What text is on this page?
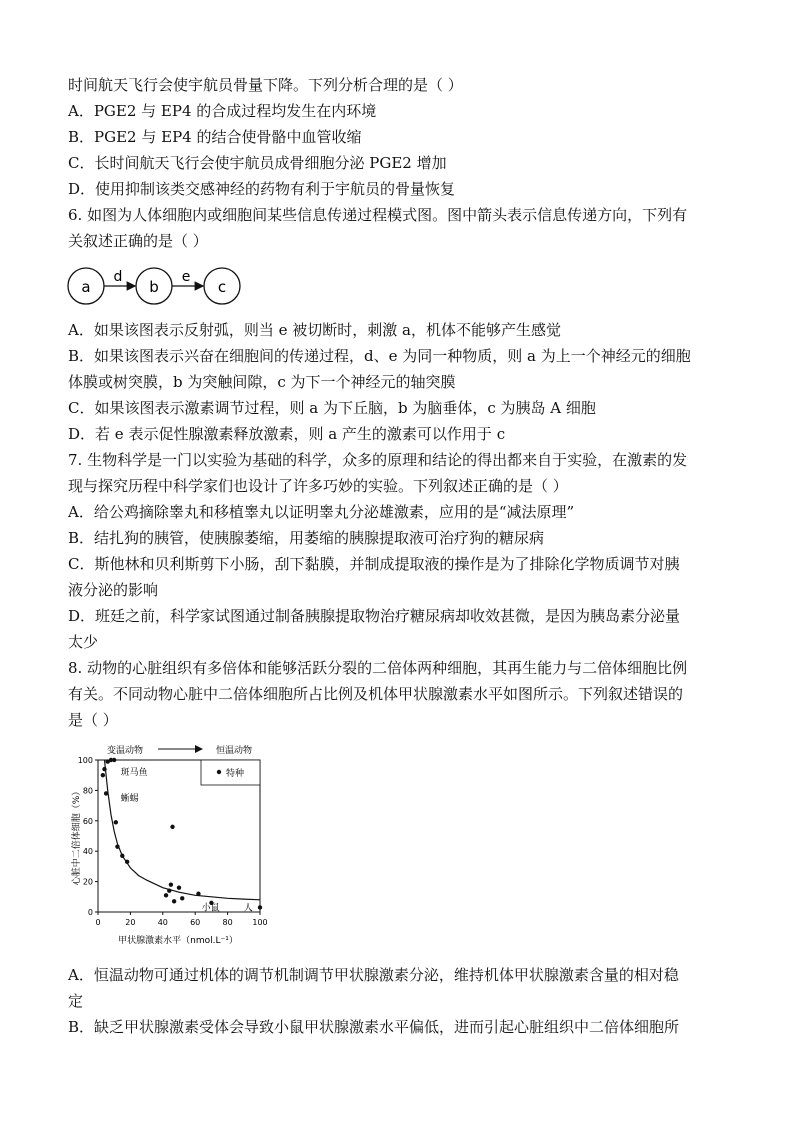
时间航天飞行会使宇航员骨量下降。下列分析合理的是（ ）
A．PGE2 与 EP4 的合成过程均发生在内环境
B．PGE2 与 EP4 的结合使骨骼中血管收缩
C．长时间航天飞行会使宇航员成骨细胞分泌 PGE2 增加
D．使用抑制该类交感神经的药物有利于宇航员的骨量恢复
6. 如图为人体细胞内或细胞间某些信息传递过程模式图。图中箭头表示信息传递方向，下列有
关叙述正确的是（ ）
A．如果该图表示反射弧，则当 e 被切断时，刺激 a，机体不能够产生感觉
B．如果该图表示兴奋在细胞间的传递过程，d、e 为同一种物质，则 a 为上一个神经元的细胞
体膜或树突膜，b 为突触间隙，c 为下一个神经元的轴突膜
C．如果该图表示激素调节过程，则 a 为下丘脑，b 为脑垂体，c 为胰岛 A 细胞
D．若 e 表示促性腺激素释放激素，则 a 产生的激素可以作用于 c
7. 生物科学是一门以实验为基础的科学，众多的原理和结论的得出都来自于实验，在激素的发
现与探究历程中科学家们也设计了许多巧妙的实验。下列叙述正确的是（ ）
A．给公鸡摘除睾丸和移植睾丸以证明睾丸分泌雄激素，应用的是“减法原理”
B．结扎狗的胰管，使胰腺萎缩，用萎缩的胰腺提取液可治疗狗的糖尿病
C．斯他林和贝利斯剪下小肠，刮下黏膜，并制成提取液的操作是为了排除化学物质调节对胰
液分泌的影响
D．班廷之前，科学家试图通过制备胰腺提取物治疗糖尿病却收效甚微，是因为胰岛素分泌量
太少
8. 动物的心脏组织有多倍体和能够活跃分裂的二倍体两种细胞，其再生能力与二倍体细胞比例
有关。不同动物心脏中二倍体细胞所占比例及机体甲状腺激素水平如图所示。下列叙述错误的
是（ ）
A．恒温动物可通过机体的调节机制调节甲状腺激素分泌，维持机体甲状腺激素含量的相对稳
定
B．缺乏甲状腺激素受体会导致小鼠甲状腺激素水平偏低，进而引起心脏组织中二倍体细胞所
a	b	c
d	e
特种
变温动物	恒温动物
0
20
40
60
80
100
0	20	40	60	80 100
斑马鱼
蜥蜴
小鼠	人
甲状腺激素水平（nmol.L⁻¹）
心脏中二倍体细胞（%）
